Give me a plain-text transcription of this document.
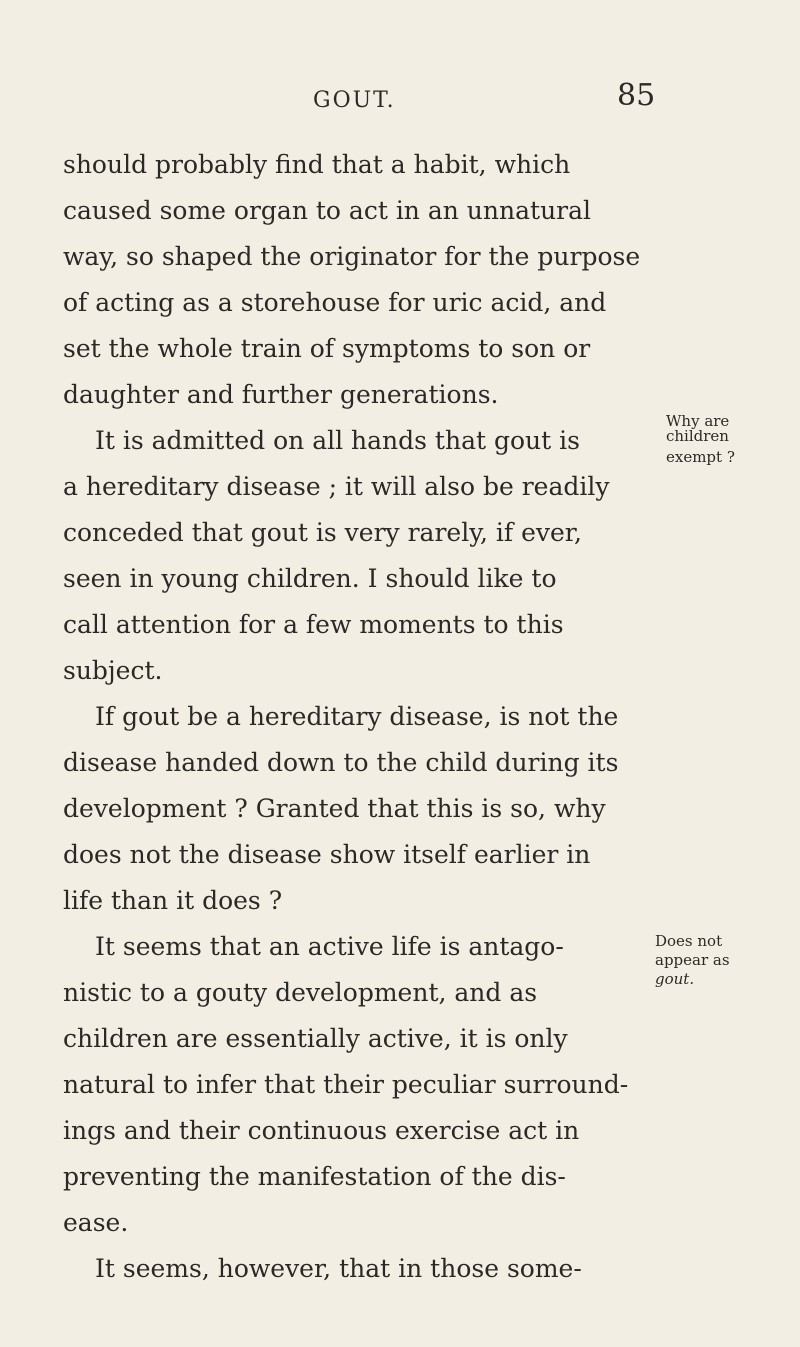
GOUT.	85
should probably find that a habit, which
caused some organ to act in an unnatural
way, so shaped the originator for the purpose
of acting as a storehouse for uric acid, and
set the whole train of symptoms to son or
daughter and further generations.
It is admitted on all hands that gout is
a hereditary disease ; it will also be readily
conceded that gout is very rarely, if ever,
seen in young children. I should like to
call attention for a few moments to this
subject.
If gout be a hereditary disease, is not the
disease handed down to the child during its
development ? Granted that this is so, why
does not the disease show itself earlier in
life than it does ?
It seems that an active life is antago-
nistic to a gouty development, and as
children are essentially active, it is only
natural to infer that their peculiar surround-
ings and their continuous exercise act in
preventing the manifestation of the dis-
ease.
It seems, however, that in those some-
Why are
children
exempt ?
Does not
appear as
gout.
